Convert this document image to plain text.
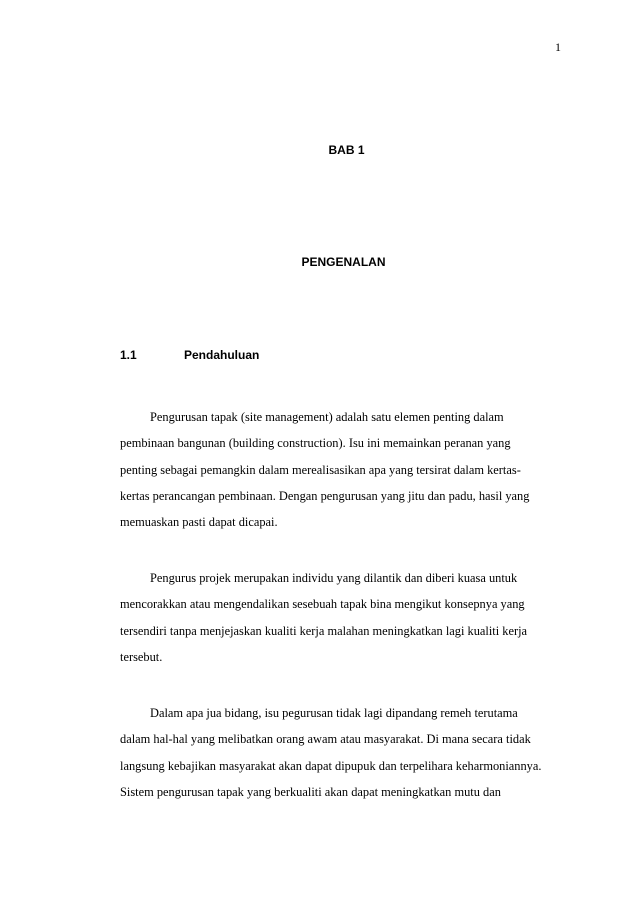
1
BAB 1
PENGENALAN
1.1	Pendahuluan

Pengurusan tapak (site management) adalah satu elemen penting dalam
pembinaan bangunan (building construction). Isu ini memainkan peranan yang
penting sebagai pemangkin dalam merealisasikan apa yang tersirat dalam kertas-
kertas perancangan pembinaan. Dengan pengurusan yang jitu dan padu, hasil yang
memuaskan pasti dapat dicapai.

Pengurus projek merupakan individu yang dilantik dan diberi kuasa untuk
mencorakkan atau mengendalikan sesebuah tapak bina mengikut konsepnya yang
tersendiri tanpa menjejaskan kualiti kerja malahan meningkatkan lagi kualiti kerja
tersebut.

Dalam apa jua bidang, isu pegurusan tidak lagi dipandang remeh terutama
dalam hal-hal yang melibatkan orang awam atau masyarakat. Di mana secara tidak
langsung kebajikan masyarakat akan dapat dipupuk dan terpelihara keharmoniannya.
Sistem pengurusan tapak yang berkualiti akan dapat meningkatkan mutu dan
